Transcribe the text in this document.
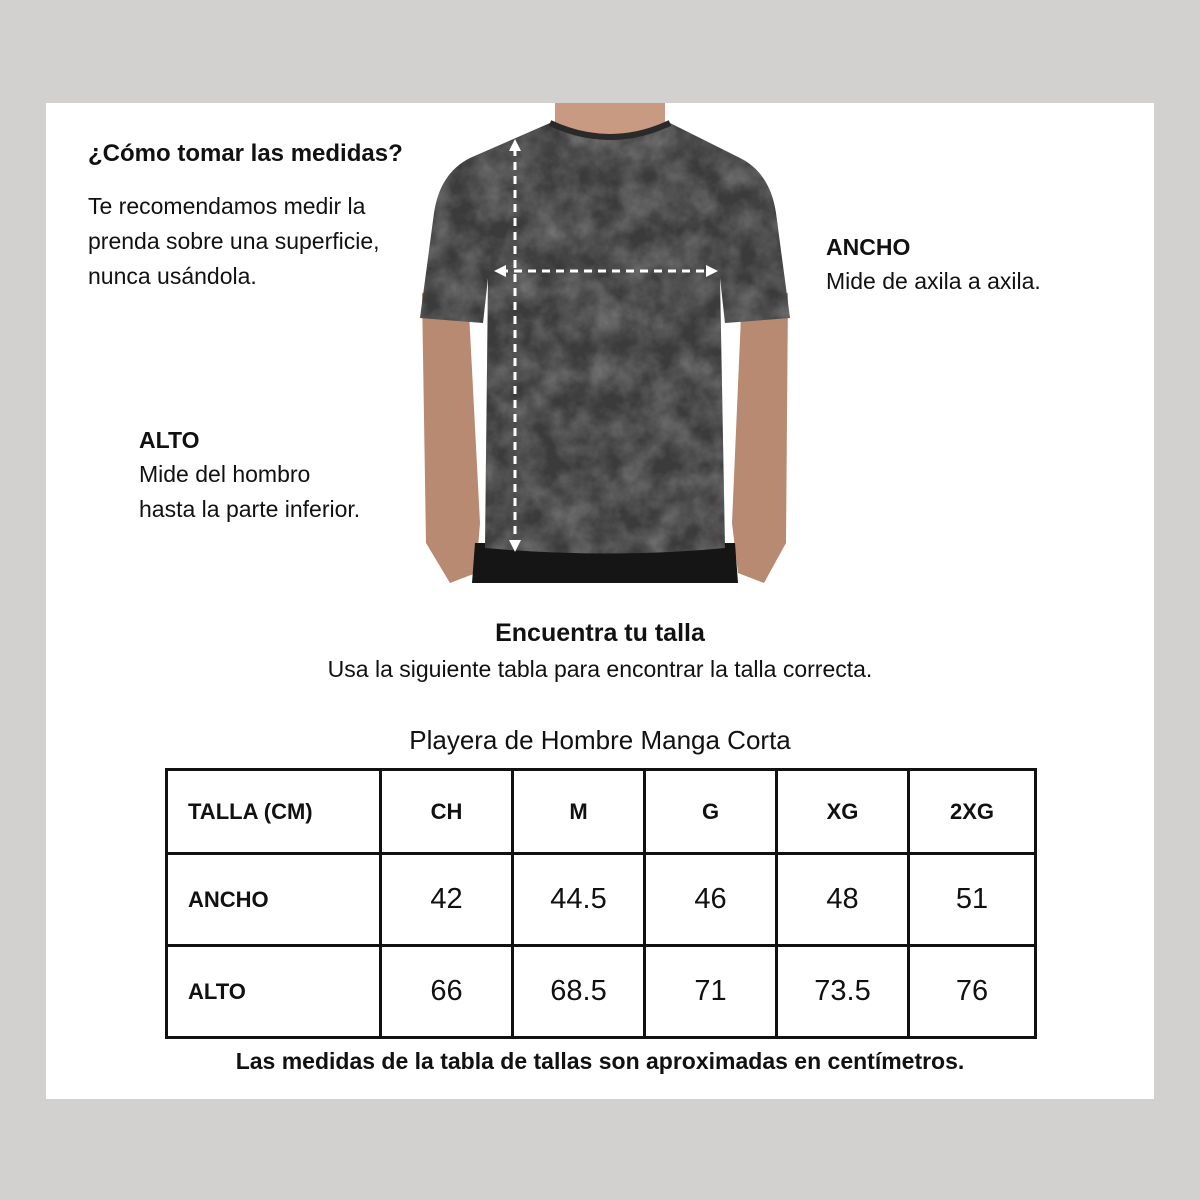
¿Cómo tomar las medidas?
Te recomendamos medir la
prenda sobre una superficie,
nunca usándola.
ANCHO
Mide de axila a axila.
ALTO
Mide del hombro
hasta la parte inferior.
Encuentra tu talla
Usa la siguiente tabla para encontrar la talla correcta.
Playera de Hombre Manga Corta
TALLA (CM)	CH	M	G	XG	2XG
ANCHO	42	44.5	46	48	51
ALTO	66	68.5	71	73.5	76
Las medidas de la tabla de tallas son aproximadas en centímetros.
